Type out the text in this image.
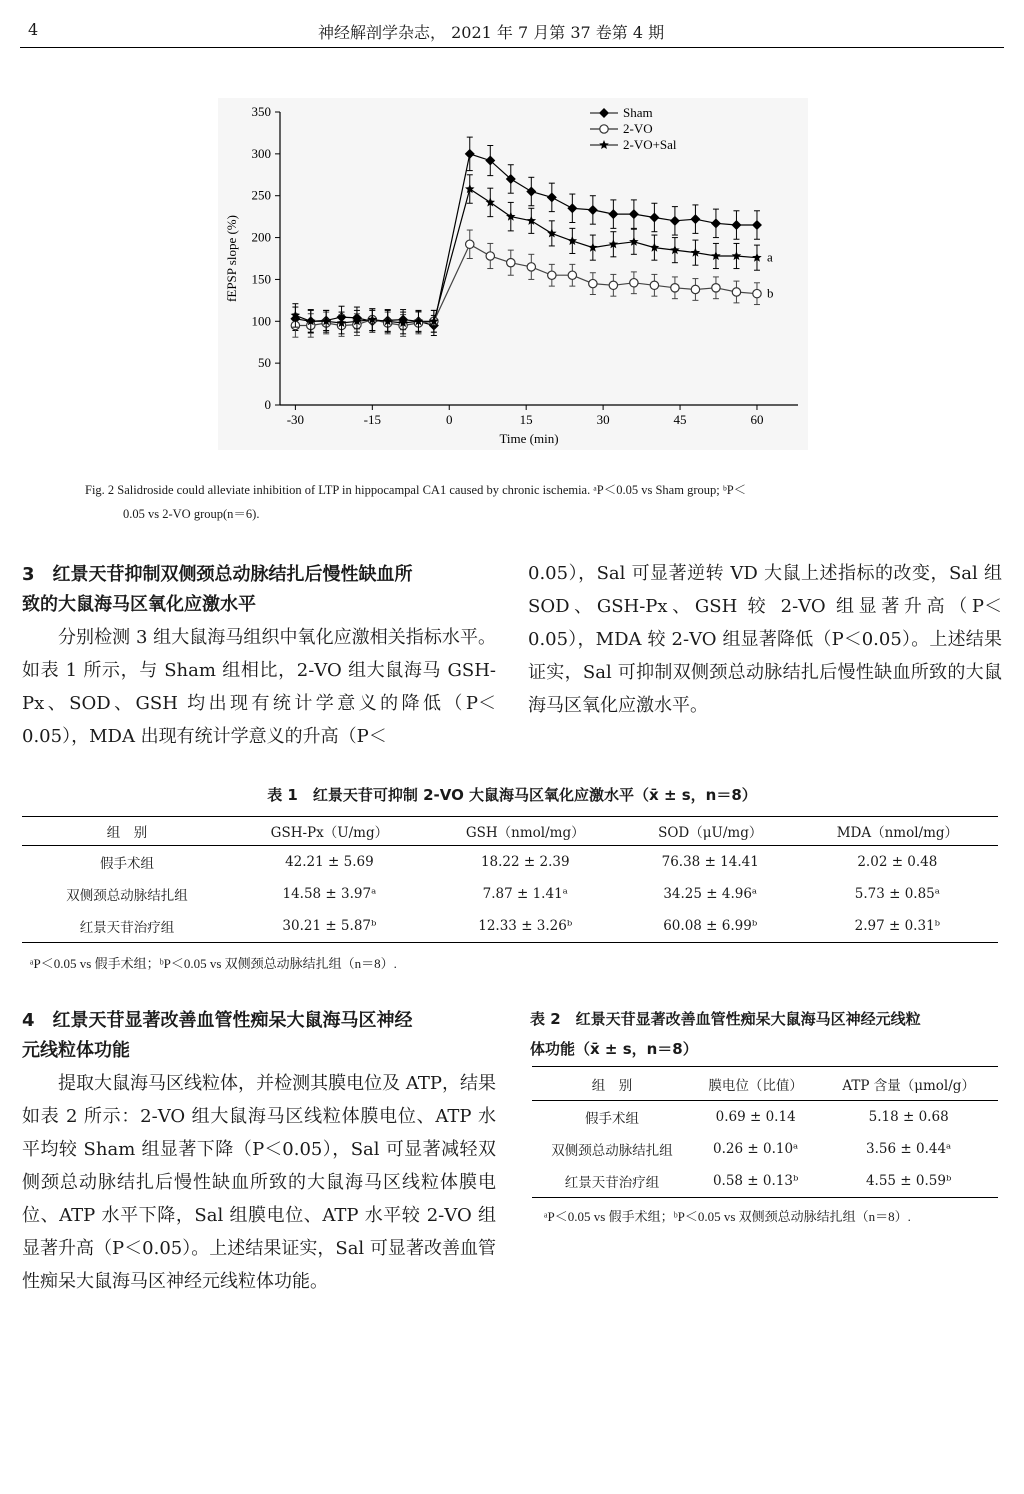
4	神经解剖学杂志， 2021 年 7 月第 37 卷第 4 期
0
50
100
150
200
250
300
350
-30	-15	0	15	30	45	60
Time (min)
fEPSP slope (%)	a
b
Sham
2-VO
2-VO+Sal
Fig. 2 Salidroside could alleviate inhibition of LTP in hippocampal CA1 caused by chronic ischemia. ᵃP＜0.05 vs Sham group; ᵇP＜
0.05 vs 2-VO group(n＝6).
3　红景天苷抑制双侧颈总动脉结扎后慢性缺血所
致的大鼠海马区氧化应激水平
分别检测 3 组大鼠海马组织中氧化应激相关指标水平。如表 1 所示，与 Sham 组相比，2-VO 组大鼠海马 GSH-Px、SOD、GSH 均出现有统计学意义的降低（P＜0.05），MDA 出现有统计学意义的升高（P＜
0.05），Sal 可显著逆转 VD 大鼠上述指标的改变，Sal 组 SOD、GSH-Px、GSH 较 2-VO 组显著升高（P＜0.05），MDA 较 2-VO 组显著降低（P＜0.05）。上述结果证实，Sal 可抑制双侧颈总动脉结扎后慢性缺血所致的大鼠海马区氧化应激水平。
表 1　红景天苷可抑制 2-VO 大鼠海马区氧化应激水平（x̄ ± s，n＝8）
组　别	GSH-Px（U/mg）	GSH（nmol/mg）	SOD（μU/mg）	MDA（nmol/mg）
假手术组	42.21 ± 5.69	18.22 ± 2.39	76.38 ± 14.41	2.02 ± 0.48
双侧颈总动脉结扎组	14.58 ± 3.97ᵃ	7.87 ± 1.41ᵃ	34.25 ± 4.96ᵃ	5.73 ± 0.85ᵃ
红景天苷治疗组	30.21 ± 5.87ᵇ	12.33 ± 3.26ᵇ	60.08 ± 6.99ᵇ	2.97 ± 0.31ᵇ
ᵃP＜0.05 vs 假手术组；ᵇP＜0.05 vs 双侧颈总动脉结扎组（n＝8）.
4　红景天苷显著改善血管性痴呆大鼠海马区神经
元线粒体功能
提取大鼠海马区线粒体，并检测其膜电位及 ATP，结果如表 2 所示：2-VO 组大鼠海马区线粒体膜电位、ATP 水平均较 Sham 组显著下降（P＜0.05），Sal 可显著减轻双侧颈总动脉结扎后慢性缺血所致的大鼠海马区线粒体膜电位、ATP 水平下降，Sal 组膜电位、ATP 水平较 2-VO 组显著升高（P＜0.05）。上述结果证实，Sal 可显著改善血管性痴呆大鼠海马区神经元线粒体功能。
表 2　红景天苷显著改善血管性痴呆大鼠海马区神经元线粒
体功能（x̄ ± s，n＝8）
组　别	膜电位（比值）	ATP 含量（μmol/g）
假手术组	0.69 ± 0.14	5.18 ± 0.68
双侧颈总动脉结扎组	0.26 ± 0.10ᵃ	3.56 ± 0.44ᵃ
红景天苷治疗组	0.58 ± 0.13ᵇ	4.55 ± 0.59ᵇ
ᵃP＜0.05 vs 假手术组；ᵇP＜0.05 vs 双侧颈总动脉结扎组（n＝8）.
